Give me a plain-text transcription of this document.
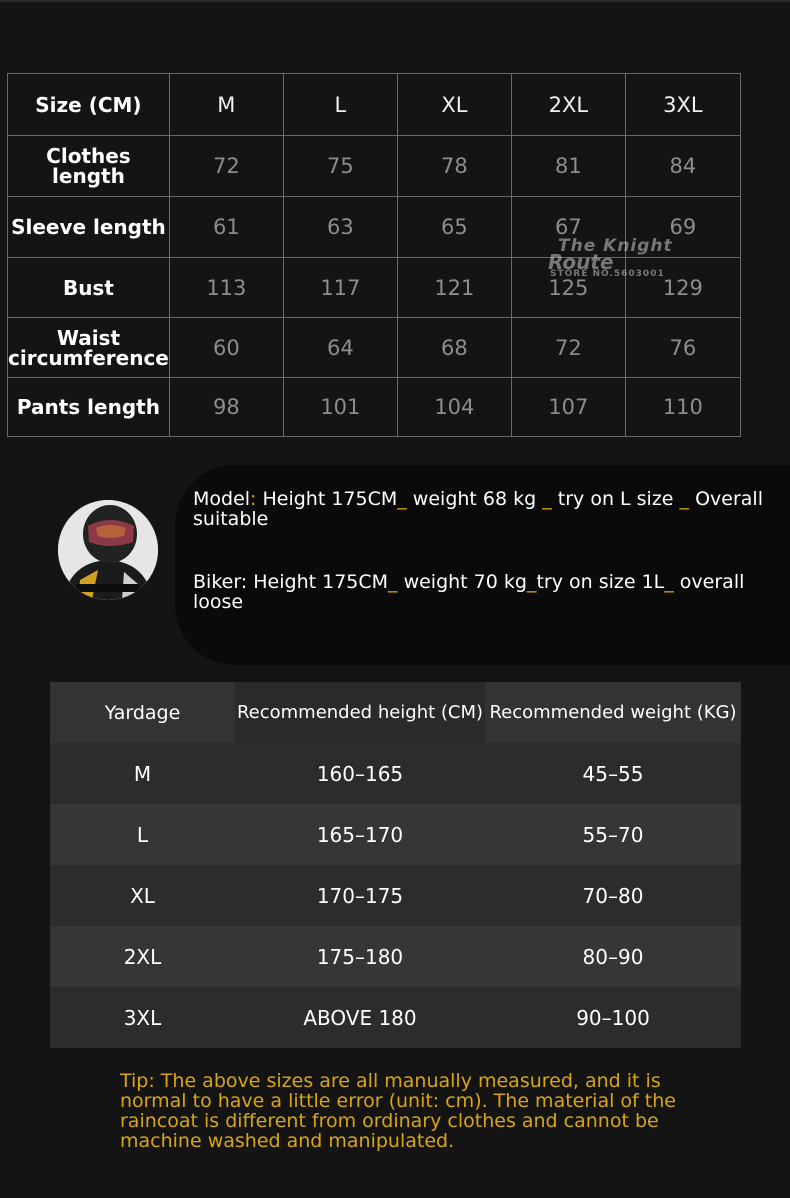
Size (CM)	M	L	XL	2XL	3XL
Clothes length	72	75	78	81	84
Sleeve length	61	63	65	67	69
Bust	113	117	121	125	129

Waist
circumference	60	64	68	72	76
Pants length	98	101	104	107	110
The Knight
Route
STORE NO.5603001
Model: Height 175CM_ weight 68 kg _ try on L size _ Overall suitable
Biker: Height 175CM_ weight 70 kg_try on size 1L_ overall loose
Yardage	Recommended height (CM) Recommended weight (KG)
M	160–165	45–55
L	165–170	55–70
XL	170–175	70–80
2XL	175–180	80–90
3XL	ABOVE 180	90–100
Tip: The above sizes are all manually measured, and it is normal to have a little error (unit: cm). The material of the raincoat is different from ordinary clothes and cannot be machine washed and manipulated.
